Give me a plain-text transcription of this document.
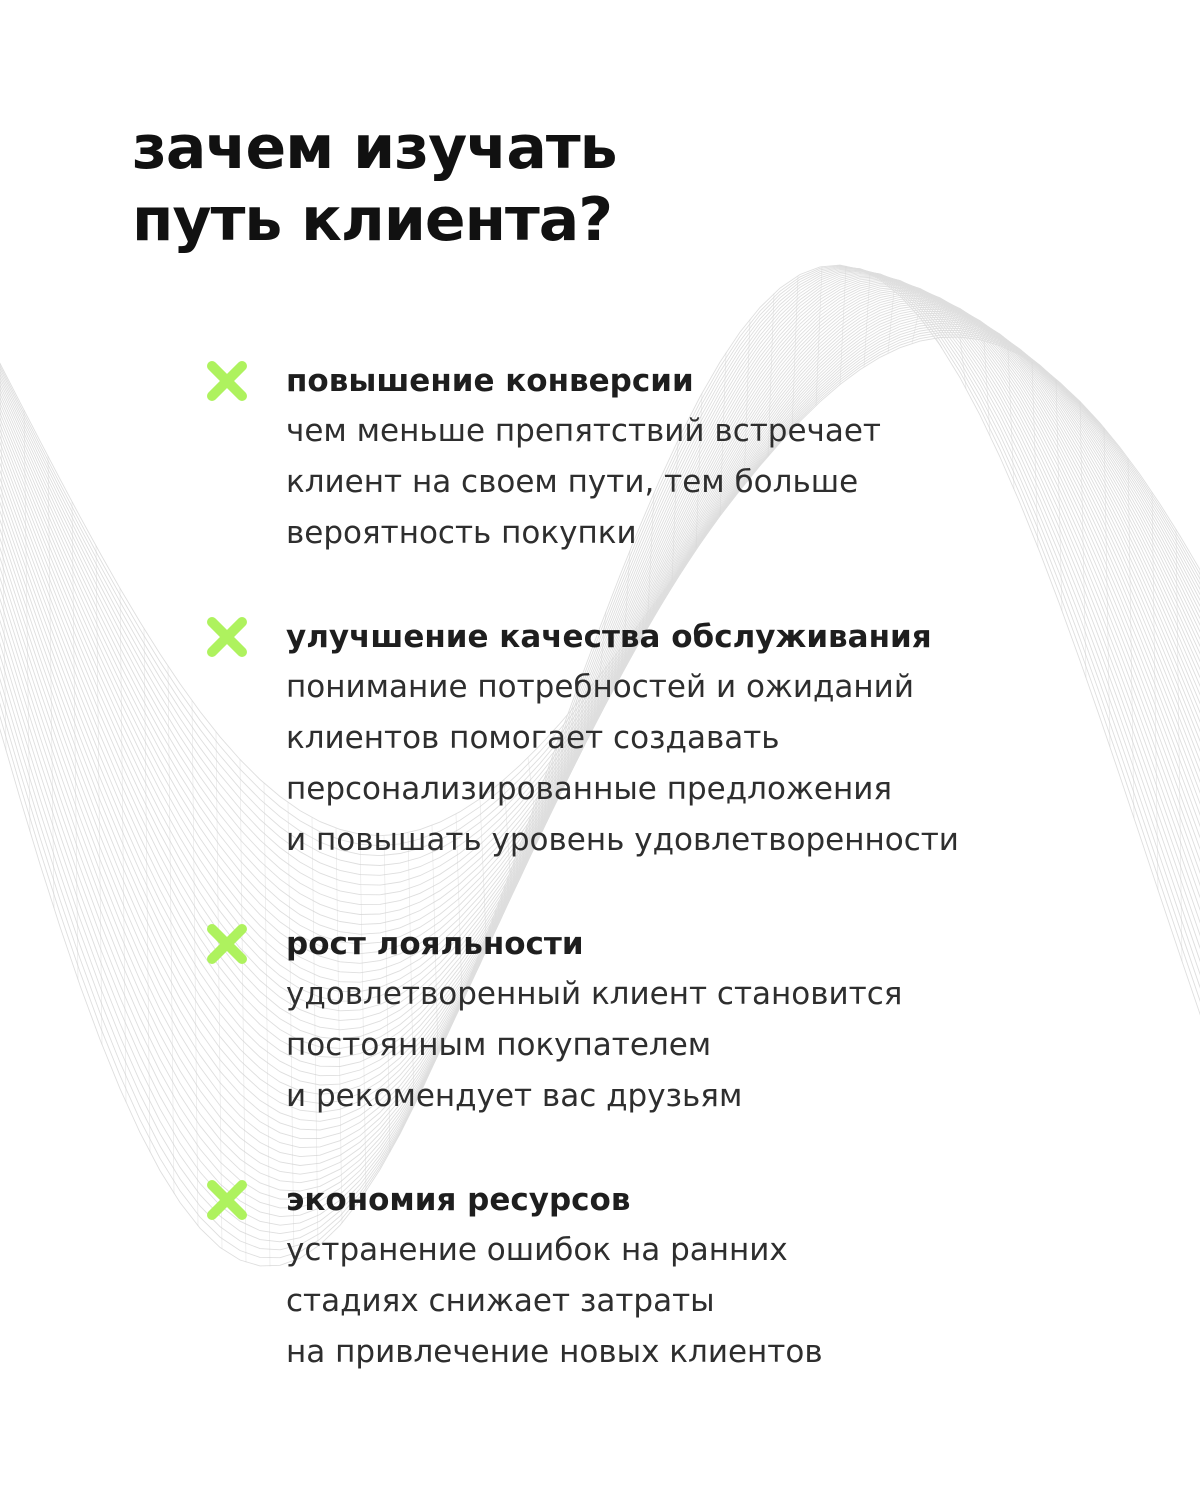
зачем изучать
путь клиента?
повышение конверсии
чем меньше препятствий встречает
клиент на своем пути, тем больше
вероятность покупки
улучшение качества обслуживания
понимание потребностей и ожиданий
клиентов помогает создавать
персонализированные предложения
и повышать уровень удовлетворенности
рост лояльности
удовлетворенный клиент становится
постоянным покупателем
и рекомендует вас друзьям
экономия ресурсов
устранение ошибок на ранних
стадиях снижает затраты
на привлечение новых клиентов
